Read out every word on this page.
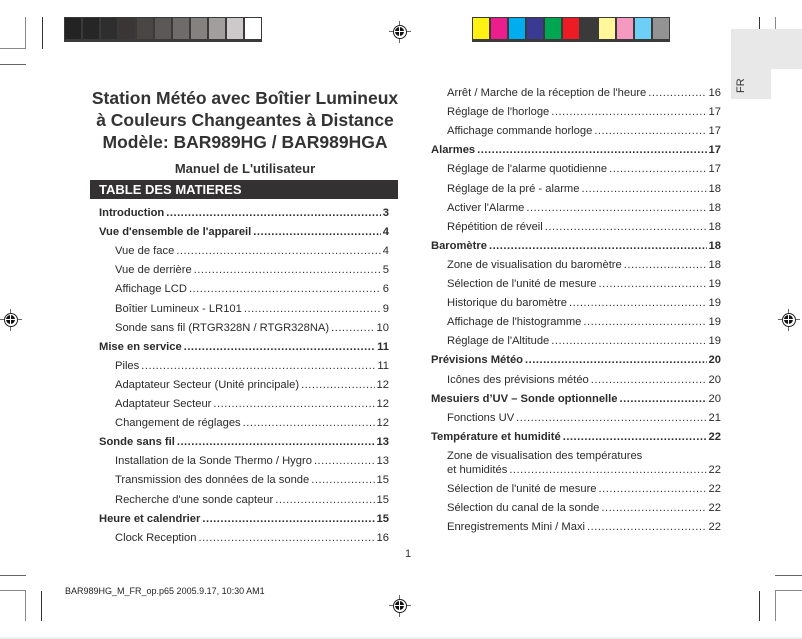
FR
Station Météo avec Boîtier Lumineux
à Couleurs Changeantes à Distance
Modèle: BAR989HG / BAR989HGA
Manuel de L'utilisateur
TABLE DES MATIERES
Introduction .....	3
Vue d'ensemble de l'appareil .....	4
Vue de face .....	4
Vue de derrière .....	5
Affichage LCD .....	6
Boîtier Lumineux - LR101 .....	9
Sonde sans fil (RTGR328N / RTGR328NA) .....	10
Mise en service .....	11
Piles .....	11
Adaptateur Secteur (Unité principale) .....	12
Adaptateur Secteur .....	12
Changement de réglages .....	12
Sonde sans fil .....	13
Installation de la Sonde Thermo / Hygro .....	13
Transmission des données de la sonde .....	15
Recherche d'une sonde capteur .....	15
Heure et calendrier .....	15
Clock Reception .....	16
Arrêt / Marche de la réception de l'heure .....	16
Réglage de l'horloge .....	17
Affichage commande horloge .....	17
Alarmes .....	17
Réglage de l'alarme quotidienne .....	17
Réglage de la pré - alarme .....	18
Activer l'Alarme .....	18
Répétition de réveil .....	18
Baromètre .....	18
Zone de visualisation du baromètre .....	18
Sélection de l'unité de mesure .....	19
Historique du baromètre .....	19
Affichage de l'histogramme .....	19
Réglage de l'Altitude .....	19
Prévisions Météo .....	20
Icônes des prévisions météo .....	20
Mesuiers d’UV – Sonde optionnelle .....	20
Fonctions UV .....	21
Température et humidité .....	22
Zone de visualisation des températures
et humidités .....	22
Sélection de l'unité de mesure .....	22
Sélection du canal de la sonde .....	22
Enregistrements Mini / Maxi .....	22
1
BAR989HG_M_FR_op.p65 2005.9.17, 10:30 AM1
